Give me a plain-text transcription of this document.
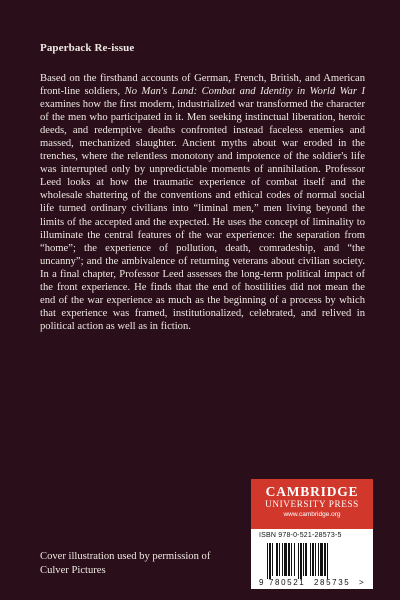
Paperback Re-issue
Based on the firsthand accounts of German, French, British, and American front-line soldiers, No Man's Land: Combat and Identity in World War I examines how the first modern, industrialized war transformed the character of the men who participated in it. Men seeking instinctual liberation, heroic deeds, and redemptive deaths confronted instead faceless enemies and massed, mechanized slaughter. Ancient myths about war eroded in the trenches, where the relentless monotony and impotence of the soldier's life was interrupted only by unpredictable moments of annihilation. Professor Leed looks at how the traumatic experience of combat itself and the wholesale shattering of the conventions and ethical codes of normal social life turned ordinary civilians into “liminal men,” men living beyond the limits of the accepted and the expected. He uses the concept of liminality to illuminate the central features of the war experience: the separation from “home”; the experience of pollution, death, comradeship, and “the uncanny”; and the ambivalence of returning veterans about civilian society. In a final chapter, Professor Leed assesses the long-term political impact of the front experience. He finds that the end of hostilities did not mean the end of the war experience as much as the beginning of a process by which that experience was framed, institutionalized, celebrated, and relived in political action as well as in fiction.
Cover illustration used by permission of Culver Pictures
CAMBRIDGE
UNIVERSITY PRESS
www.cambridge.org
ISBN 978-0-521-28573-5
9 780521 285735 >
